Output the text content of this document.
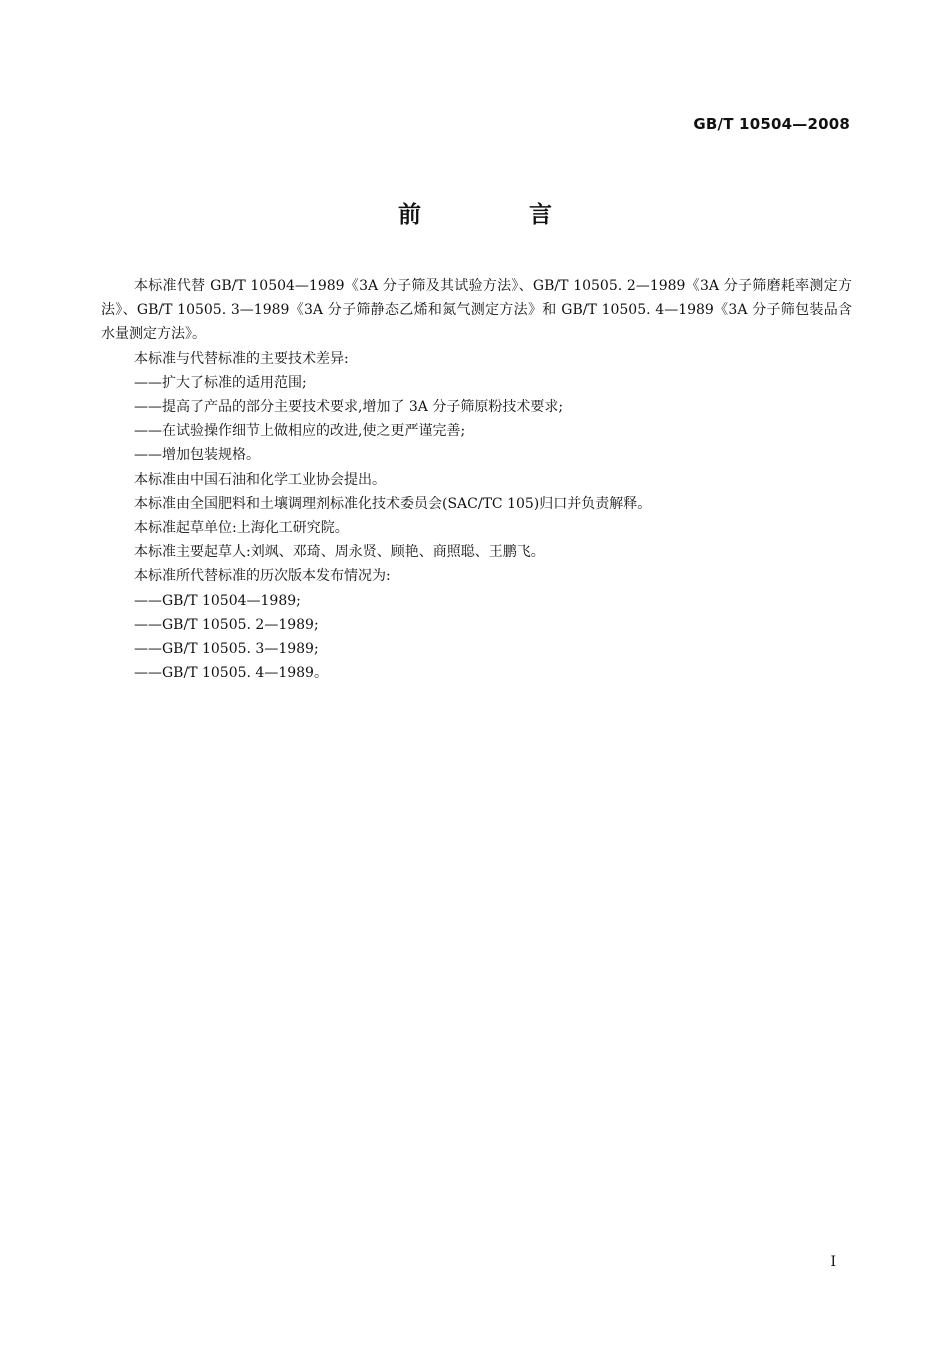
GB/T 10504—2008
前 言

本标准代替 GB/T 10504—1989《3A 分子筛及其试验方法》、GB/T 10505. 2—1989《3A 分子筛磨耗率测定方法》、GB/T 10505. 3—1989《3A 分子筛静态乙烯和氮气测定方法》和 GB/T 10505. 4—1989《3A 分子筛包装品含水量测定方法》。

本标准与代替标准的主要技术差异:

——扩大了标准的适用范围;

——提高了产品的部分主要技术要求,增加了 3A 分子筛原粉技术要求;

——在试验操作细节上做相应的改进,使之更严谨完善;

——增加包装规格。

本标准由中国石油和化学工业协会提出。

本标准由全国肥料和土壤调理剂标准化技术委员会(SAC/TC 105)归口并负责解释。

本标准起草单位:上海化工研究院。

本标准主要起草人:刘飒、邓琦、周永贤、顾艳、商照聪、王鹏飞。

本标准所代替标准的历次版本发布情况为:

——GB/T 10504—1989;

——GB/T 10505. 2—1989;

——GB/T 10505. 3—1989;

——GB/T 10505. 4—1989。

I
